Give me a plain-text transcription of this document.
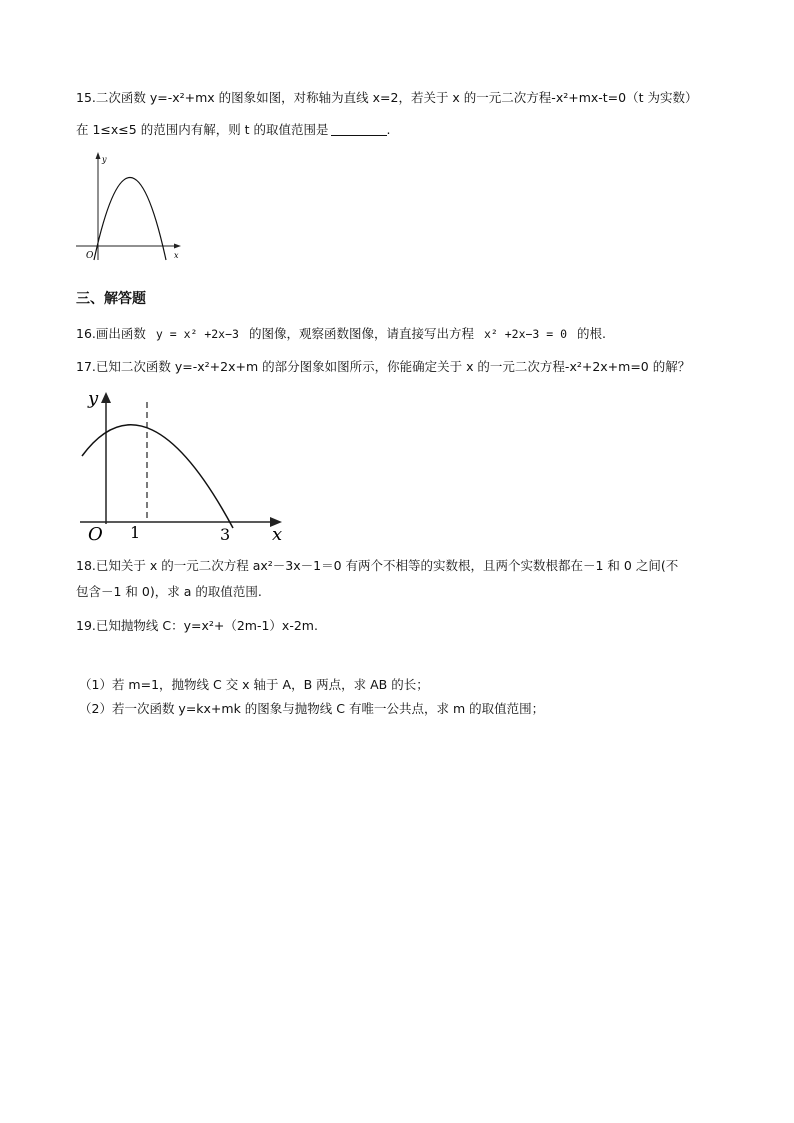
15.二次函数 y=-x²+mx 的图象如图，对称轴为直线 x=2，若关于 x 的一元二次方程-x²+mx-t=0（t 为实数）
在 1≤x≤5 的范围内有解，则 t 的取值范围是	.
y
x
O
三、解答题
16.画出函数 y = x² +2x−3 的图像，观察函数图像，请直接写出方程 x² +2x−3 = 0 的根.
17.已知二次函数 y=-x²+2x+m 的部分图象如图所示，你能确定关于 x 的一元二次方程-x²+2x+m=0 的解？
y
x
O 1	3
18.已知关于 x 的一元二次方程 ax²－3x－1＝0 有两个不相等的实数根，且两个实数根都在－1 和 0 之间(不
包含－1 和 0)，求 a 的取值范围.
19.已知抛物线 C：y=x²+（2m-1）x-2m.
（1）若 m=1，抛物线 C 交 x 轴于 A，B 两点，求 AB 的长；
（2）若一次函数 y=kx+mk 的图象与抛物线 C 有唯一公共点，求 m 的取值范围；
